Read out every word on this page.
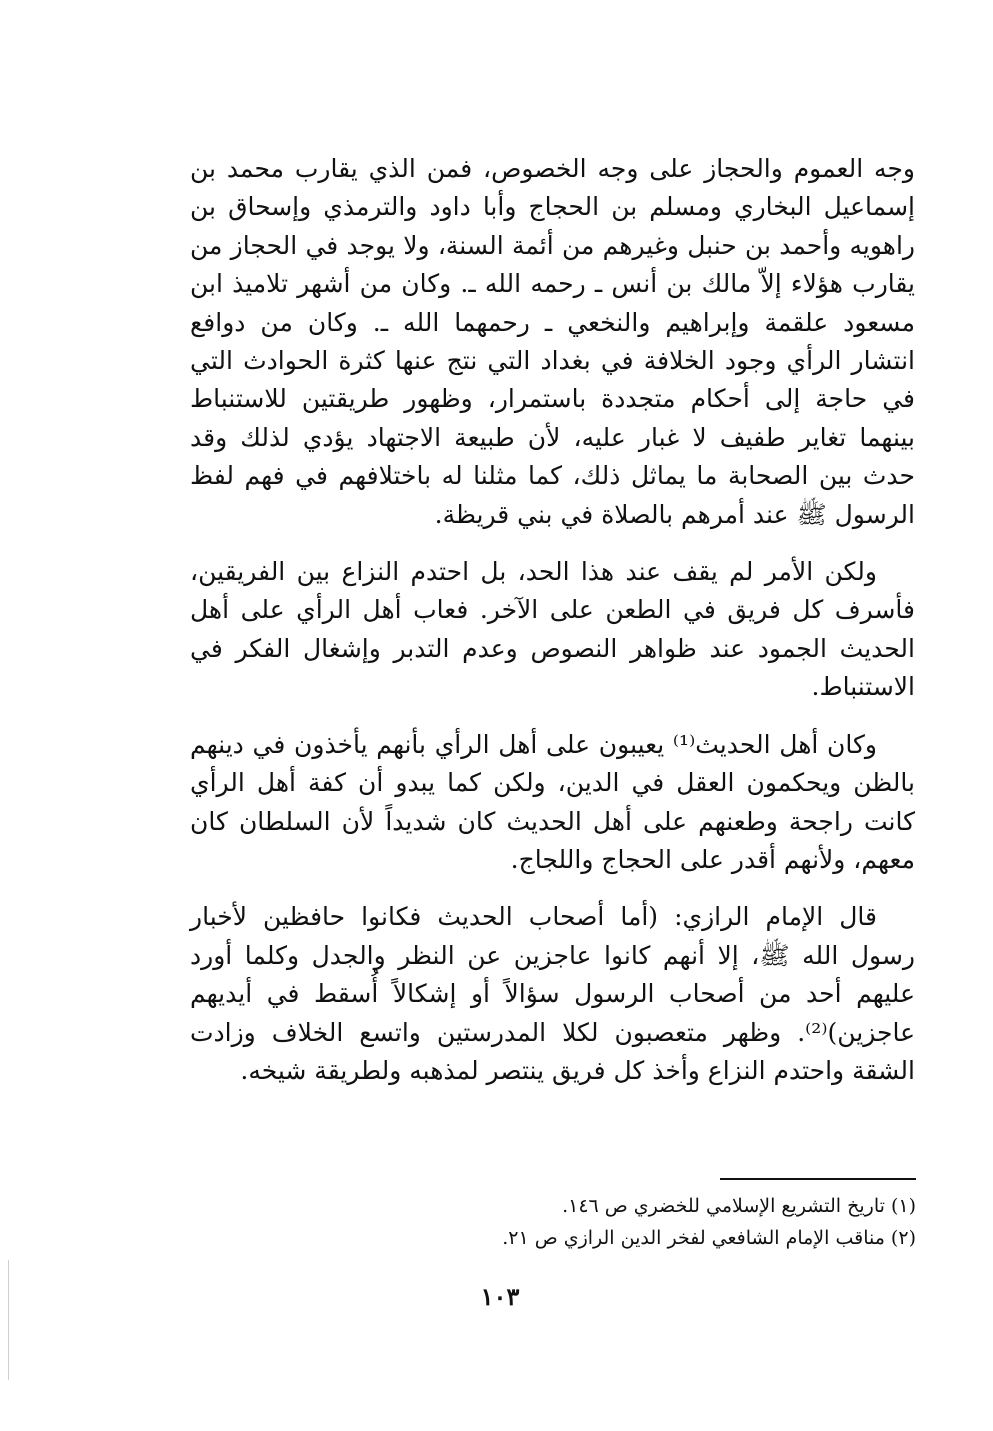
وجه العموم والحجاز على وجه الخصوص، فمن الذي يقارب محمد بن إسماعيل البخاري ومسلم بن الحجاج وأبا داود والترمذي وإسحاق بن راهويه وأحمد بن حنبل وغيرهم من أئمة السنة، ولا يوجد في الحجاز من يقارب هؤلاء إلاّ مالك بن أنس ـ رحمه الله ـ. وكان من أشهر تلاميذ ابن مسعود علقمة وإبراهيم والنخعي ـ رحمهما الله ـ. وكان من دوافع انتشار الرأي وجود الخلافة في بغداد التي نتج عنها كثرة الحوادث التي في حاجة إلى أحكام متجددة باستمرار، وظهور طريقتين للاستنباط بينهما تغاير طفيف لا غبار عليه، لأن طبيعة الاجتهاد يؤدي لذلك وقد حدث بين الصحابة ما يماثل ذلك، كما مثلنا له باختلافهم في فهم لفظ الرسول ﷺ عند أمرهم بالصلاة في بني قريظة.

ولكن الأمر لم يقف عند هذا الحد، بل احتدم النزاع بين الفريقين، فأسرف كل فريق في الطعن على الآخر. فعاب أهل الرأي على أهل الحديث الجمود عند ظواهر النصوص وعدم التدبر وإشغال الفكر في الاستنباط.

وكان أهل الحديث⁽¹⁾ يعيبون على أهل الرأي بأنهم يأخذون في دينهم بالظن ويحكمون العقل في الدين، ولكن كما يبدو أن كفة أهل الرأي كانت راجحة وطعنهم على أهل الحديث كان شديداً لأن السلطان كان معهم، ولأنهم أقدر على الحجاج واللجاج.

قال الإمام الرازي: (أما أصحاب الحديث فكانوا حافظين لأخبار رسول الله ﷺ، إلا أنهم كانوا عاجزين عن النظر والجدل وكلما أورد عليهم أحد من أصحاب الرسول سؤالاً أو إشكالاً أُسقط في أيديهم عاجزين)⁽²⁾. وظهر متعصبون لكلا المدرستين واتسع الخلاف وزادت الشقة واحتدم النزاع وأخذ كل فريق ينتصر لمذهبه ولطريقة شيخه.

(١) تاريخ التشريع الإسلامي للخضري ص ١٤٦.

(٢) مناقب الإمام الشافعي لفخر الدين الرازي ص ٢١.

١٠٣
